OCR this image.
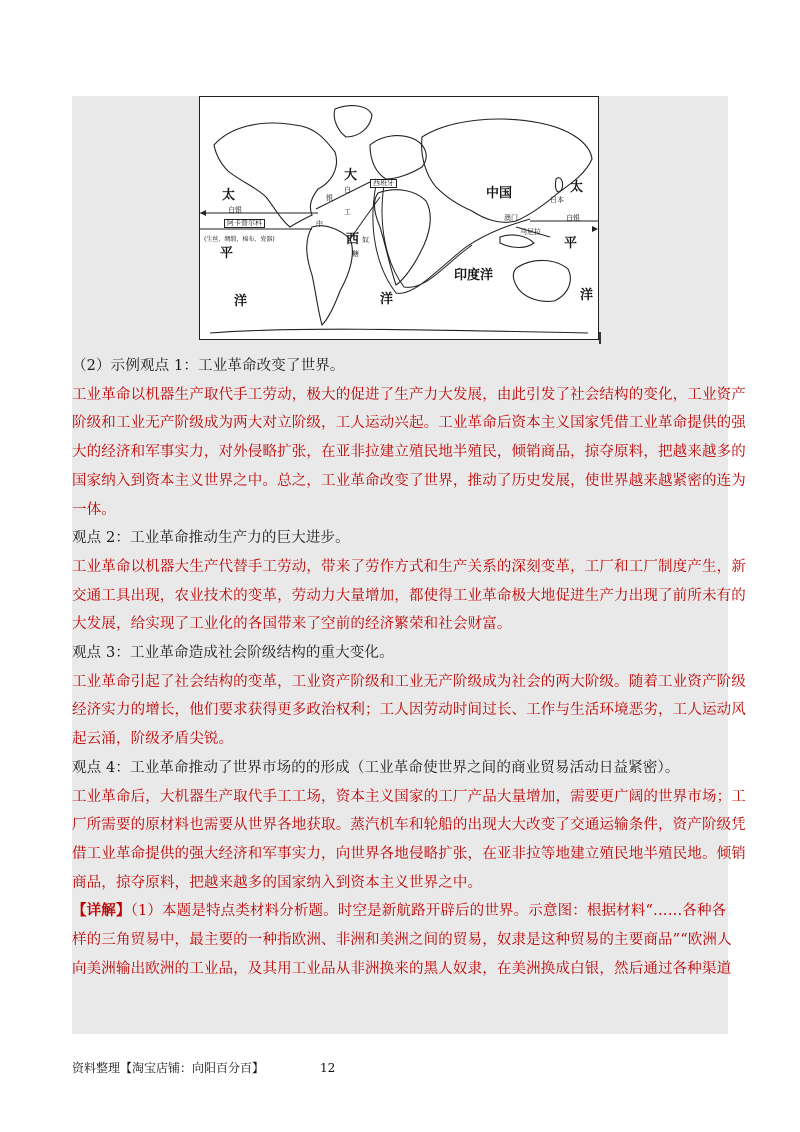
太
白银
阿卡普尔科
(生丝、绸缎、棉布、瓷器)
中
平
洋
大
白
工
银
西班牙
西 奴
糖
洋
中国	日本
澳门	白银
马尼拉
印度洋
太
平
洋
（2）示例观点 1：工业革命改变了世界。
工业革命以机器生产取代手工劳动，极大的促进了生产力大发展，由此引发了社会结构的变化，工业资产
阶级和工业无产阶级成为两大对立阶级，工人运动兴起。工业革命后资本主义国家凭借工业革命提供的强
大的经济和军事实力，对外侵略扩张，在亚非拉建立殖民地半殖民，倾销商品，掠夺原料，把越来越多的
国家纳入到资本主义世界之中。总之，工业革命改变了世界，推动了历史发展，使世界越来越紧密的连为
一体。
观点 2：工业革命推动生产力的巨大进步。
工业革命以机器大生产代替手工劳动，带来了劳作方式和生产关系的深刻变革，工厂和工厂制度产生，新
交通工具出现，农业技术的变革，劳动力大量增加，都使得工业革命极大地促进生产力出现了前所未有的
大发展，给实现了工业化的各国带来了空前的经济繁荣和社会财富。
观点 3：工业革命造成社会阶级结构的重大变化。
工业革命引起了社会结构的变革，工业资产阶级和工业无产阶级成为社会的两大阶级。随着工业资产阶级
经济实力的增长，他们要求获得更多政治权利；工人因劳动时间过长、工作与生活环境恶劣，工人运动风
起云涌，阶级矛盾尖锐。
观点 4：工业革命推动了世界市场的的形成（工业革命使世界之间的商业贸易活动日益紧密）。
工业革命后，大机器生产取代手工工场，资本主义国家的工厂产品大量增加，需要更广阔的世界市场；工
厂所需要的原材料也需要从世界各地获取。蒸汽机车和轮船的出现大大改变了交通运输条件，资产阶级凭
借工业革命提供的强大经济和军事实力，向世界各地侵略扩张，在亚非拉等地建立殖民地半殖民地。倾销
商品，掠夺原料，把越来越多的国家纳入到资本主义世界之中。
【详解】（1）本题是特点类材料分析题。时空是新航路开辟后的世界。示意图：根据材料“……各种各
样的三角贸易中，最主要的一种指欧洲、非洲和美洲之间的贸易，奴隶是这种贸易的主要商品”“欧洲人
向美洲输出欧洲的工业品，及其用工业品从非洲换来的黑人奴隶，在美洲换成白银，然后通过各种渠道
资料整理【淘宝店铺：向阳百分百】	12
